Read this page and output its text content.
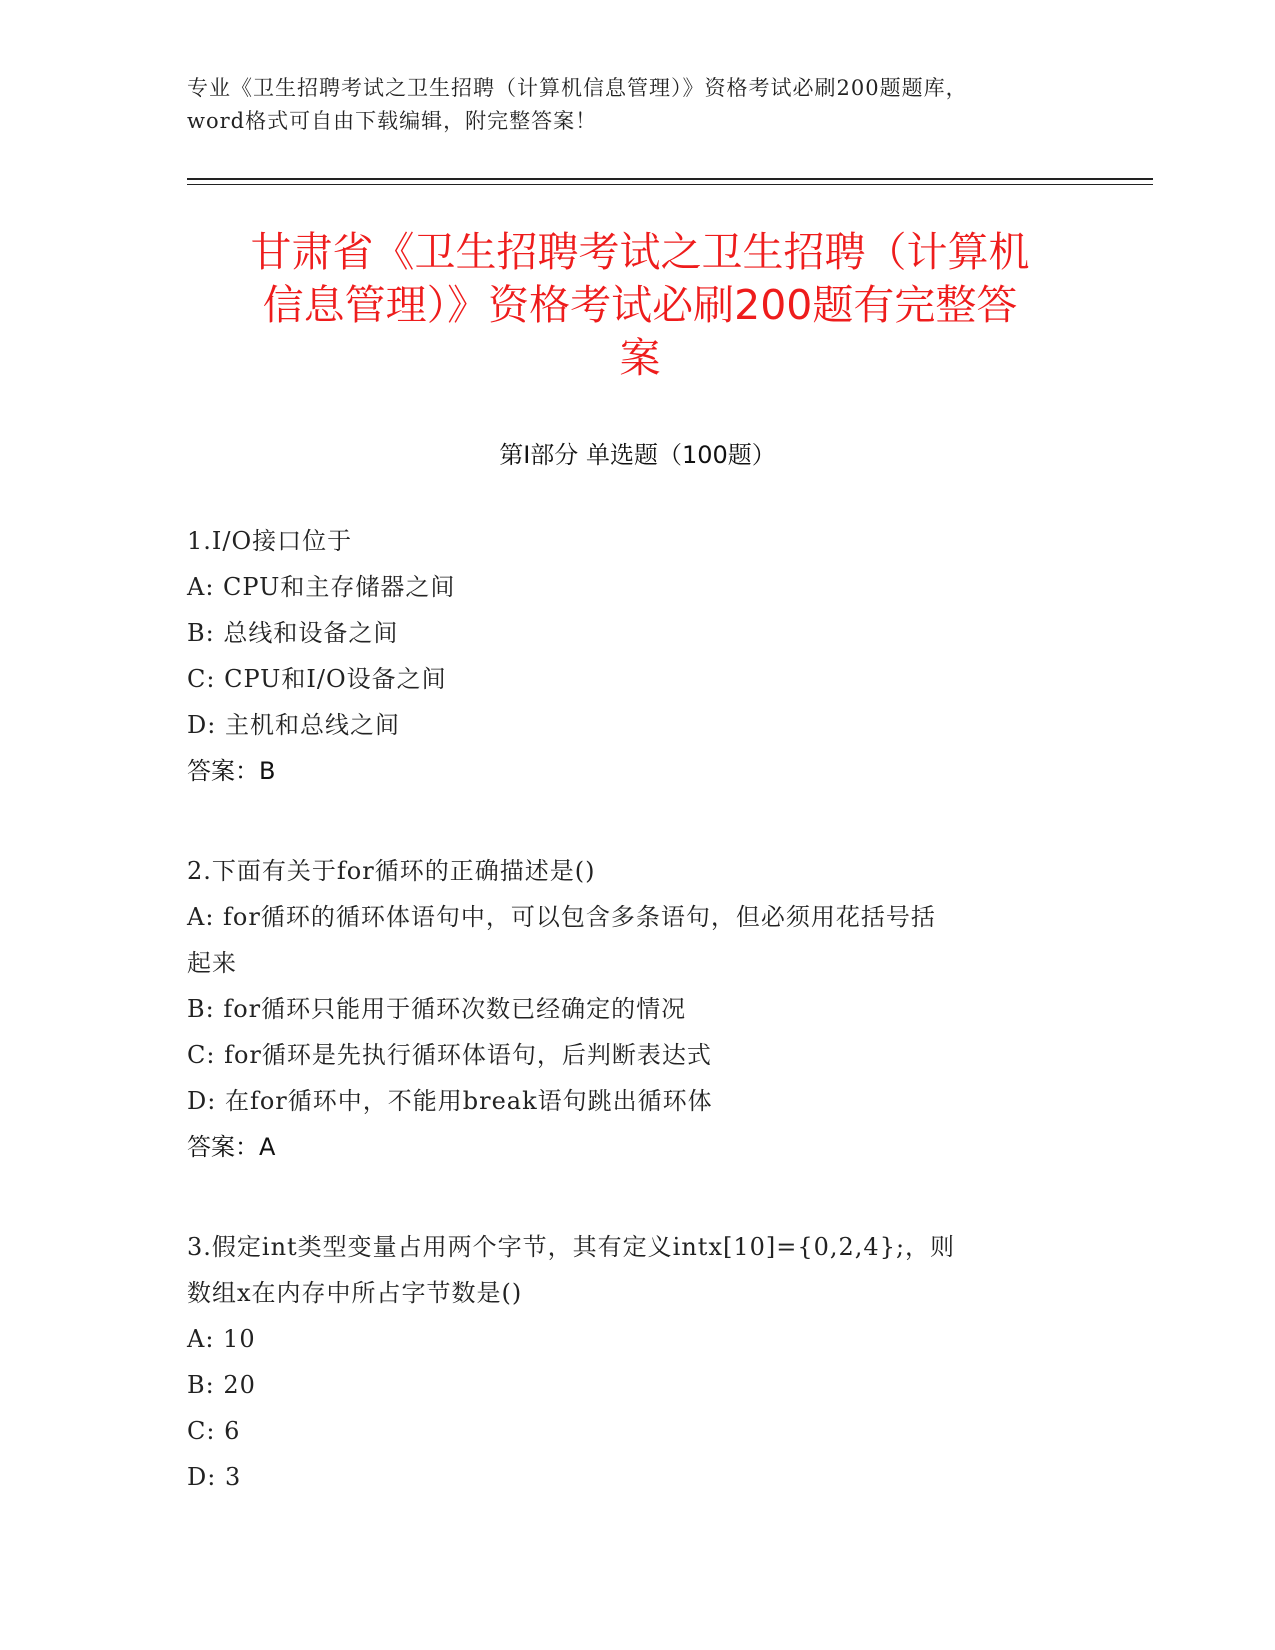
专业《卫生招聘考试之卫生招聘（计算机信息管理）》资格考试必刷200题题库，
word格式可自由下载编辑，附完整答案！
甘肃省《卫生招聘考试之卫生招聘（计算机
信息管理）》资格考试必刷200题有完整答
案
第Ⅰ部分 单选题（100题）
1.I/O接口位于
A: CPU和主存储器之间
B: 总线和设备之间
C: CPU和I/O设备之间
D: 主机和总线之间
答案：B
2.下面有关于for循环的正确描述是()
A: for循环的循环体语句中，可以包含多条语句，但必须用花括号括
起来
B: for循环只能用于循环次数已经确定的情况
C: for循环是先执行循环体语句，后判断表达式
D: 在for循环中，不能用break语句跳出循环体
答案：A
3.假定int类型变量占用两个字节，其有定义intx[10]={0,2,4};，则
数组x在内存中所占字节数是()
A: 10
B: 20
C: 6
D: 3
